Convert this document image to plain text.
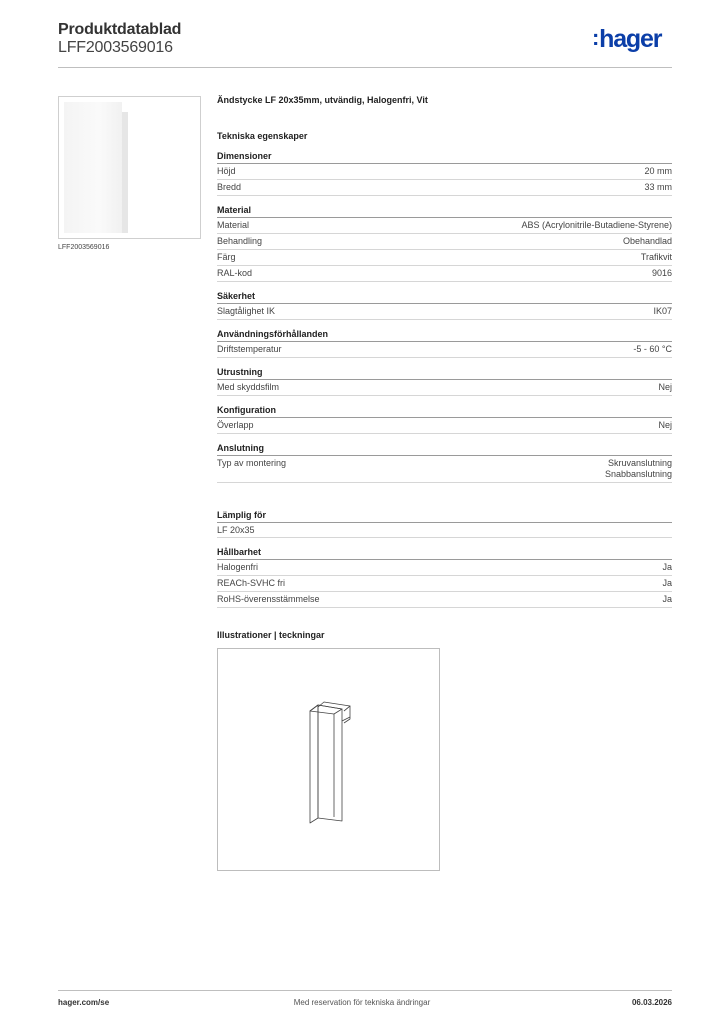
Produktdatablad
LFF2003569016	:hager
LFF2003569016
Ändstycke LF 20x35mm, utvändig, Halogenfri, Vit
Tekniska egenskaper
Dimensioner
Höjd	20 mm
Bredd	33 mm
Material
Material	ABS (Acrylonitrile-Butadiene-Styrene)
Behandling	Obehandlad
Färg	Trafikvit
RAL-kod	9016
Säkerhet
Slagtålighet IK	IK07
Användningsförhållanden
Driftstemperatur	-5 - 60 °C
Utrustning
Med skyddsfilm	Nej
Konfiguration
Överlapp	Nej
Anslutning
Typ av montering	Skruvanslutning
Snabbanslutning
Lämplig för
LF 20x35
Hållbarhet
Halogenfri	Ja
REACh-SVHC fri	Ja
RoHS-överensstämmelse	Ja
Illustrationer | teckningar
hager.com/se	Med reservation för tekniska ändringar	06.03.2026
